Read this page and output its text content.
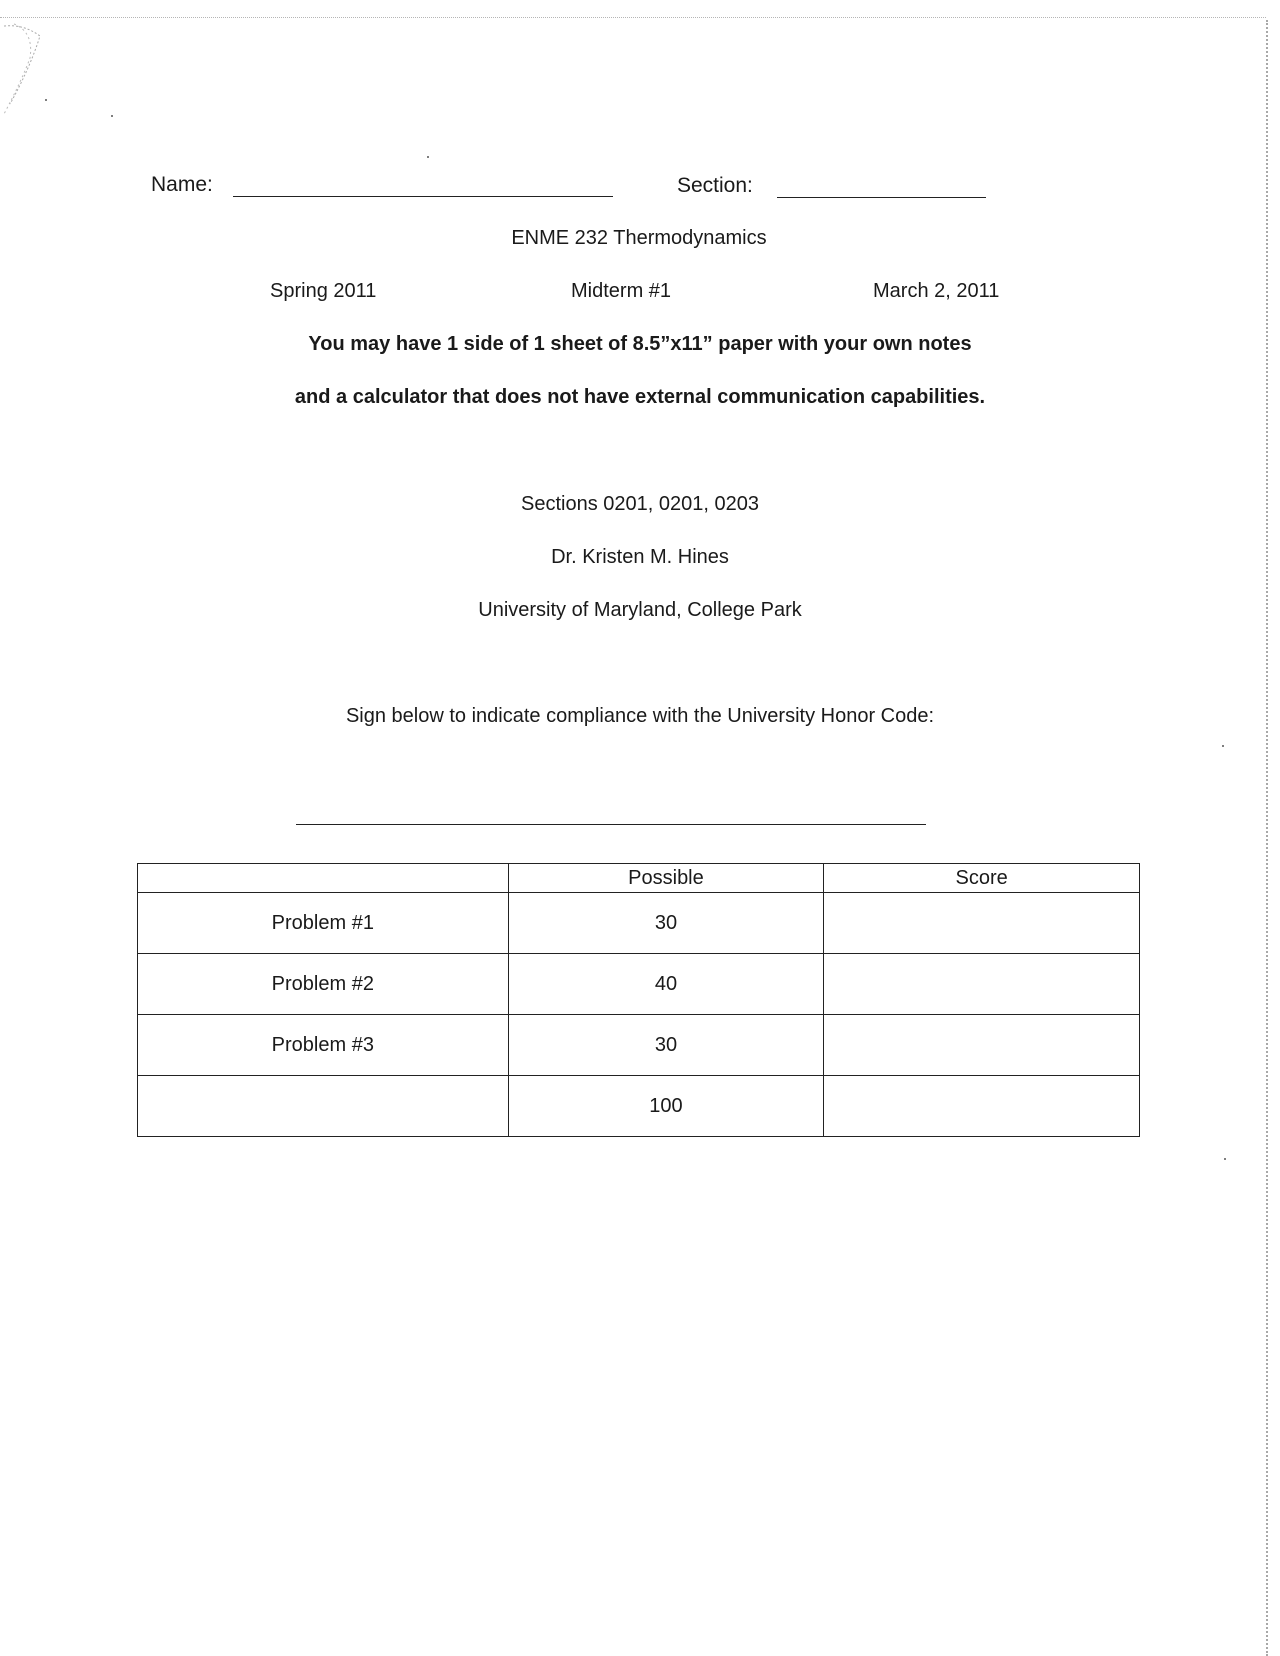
Name:	Section:
ENME 232 Thermodynamics
Spring 2011	Midterm #1	March 2, 2011
You may have 1 side of 1 sheet of 8.5”x11” paper with your own notes
and a calculator that does not have external communication capabilities.
Sections 0201, 0201, 0203
Dr. Kristen M. Hines
University of Maryland, College Park
Sign below to indicate compliance with the University Honor Code:
	Possible	Score
Problem #1	30	
Problem #2	40	
Problem #3	30	
	100	
